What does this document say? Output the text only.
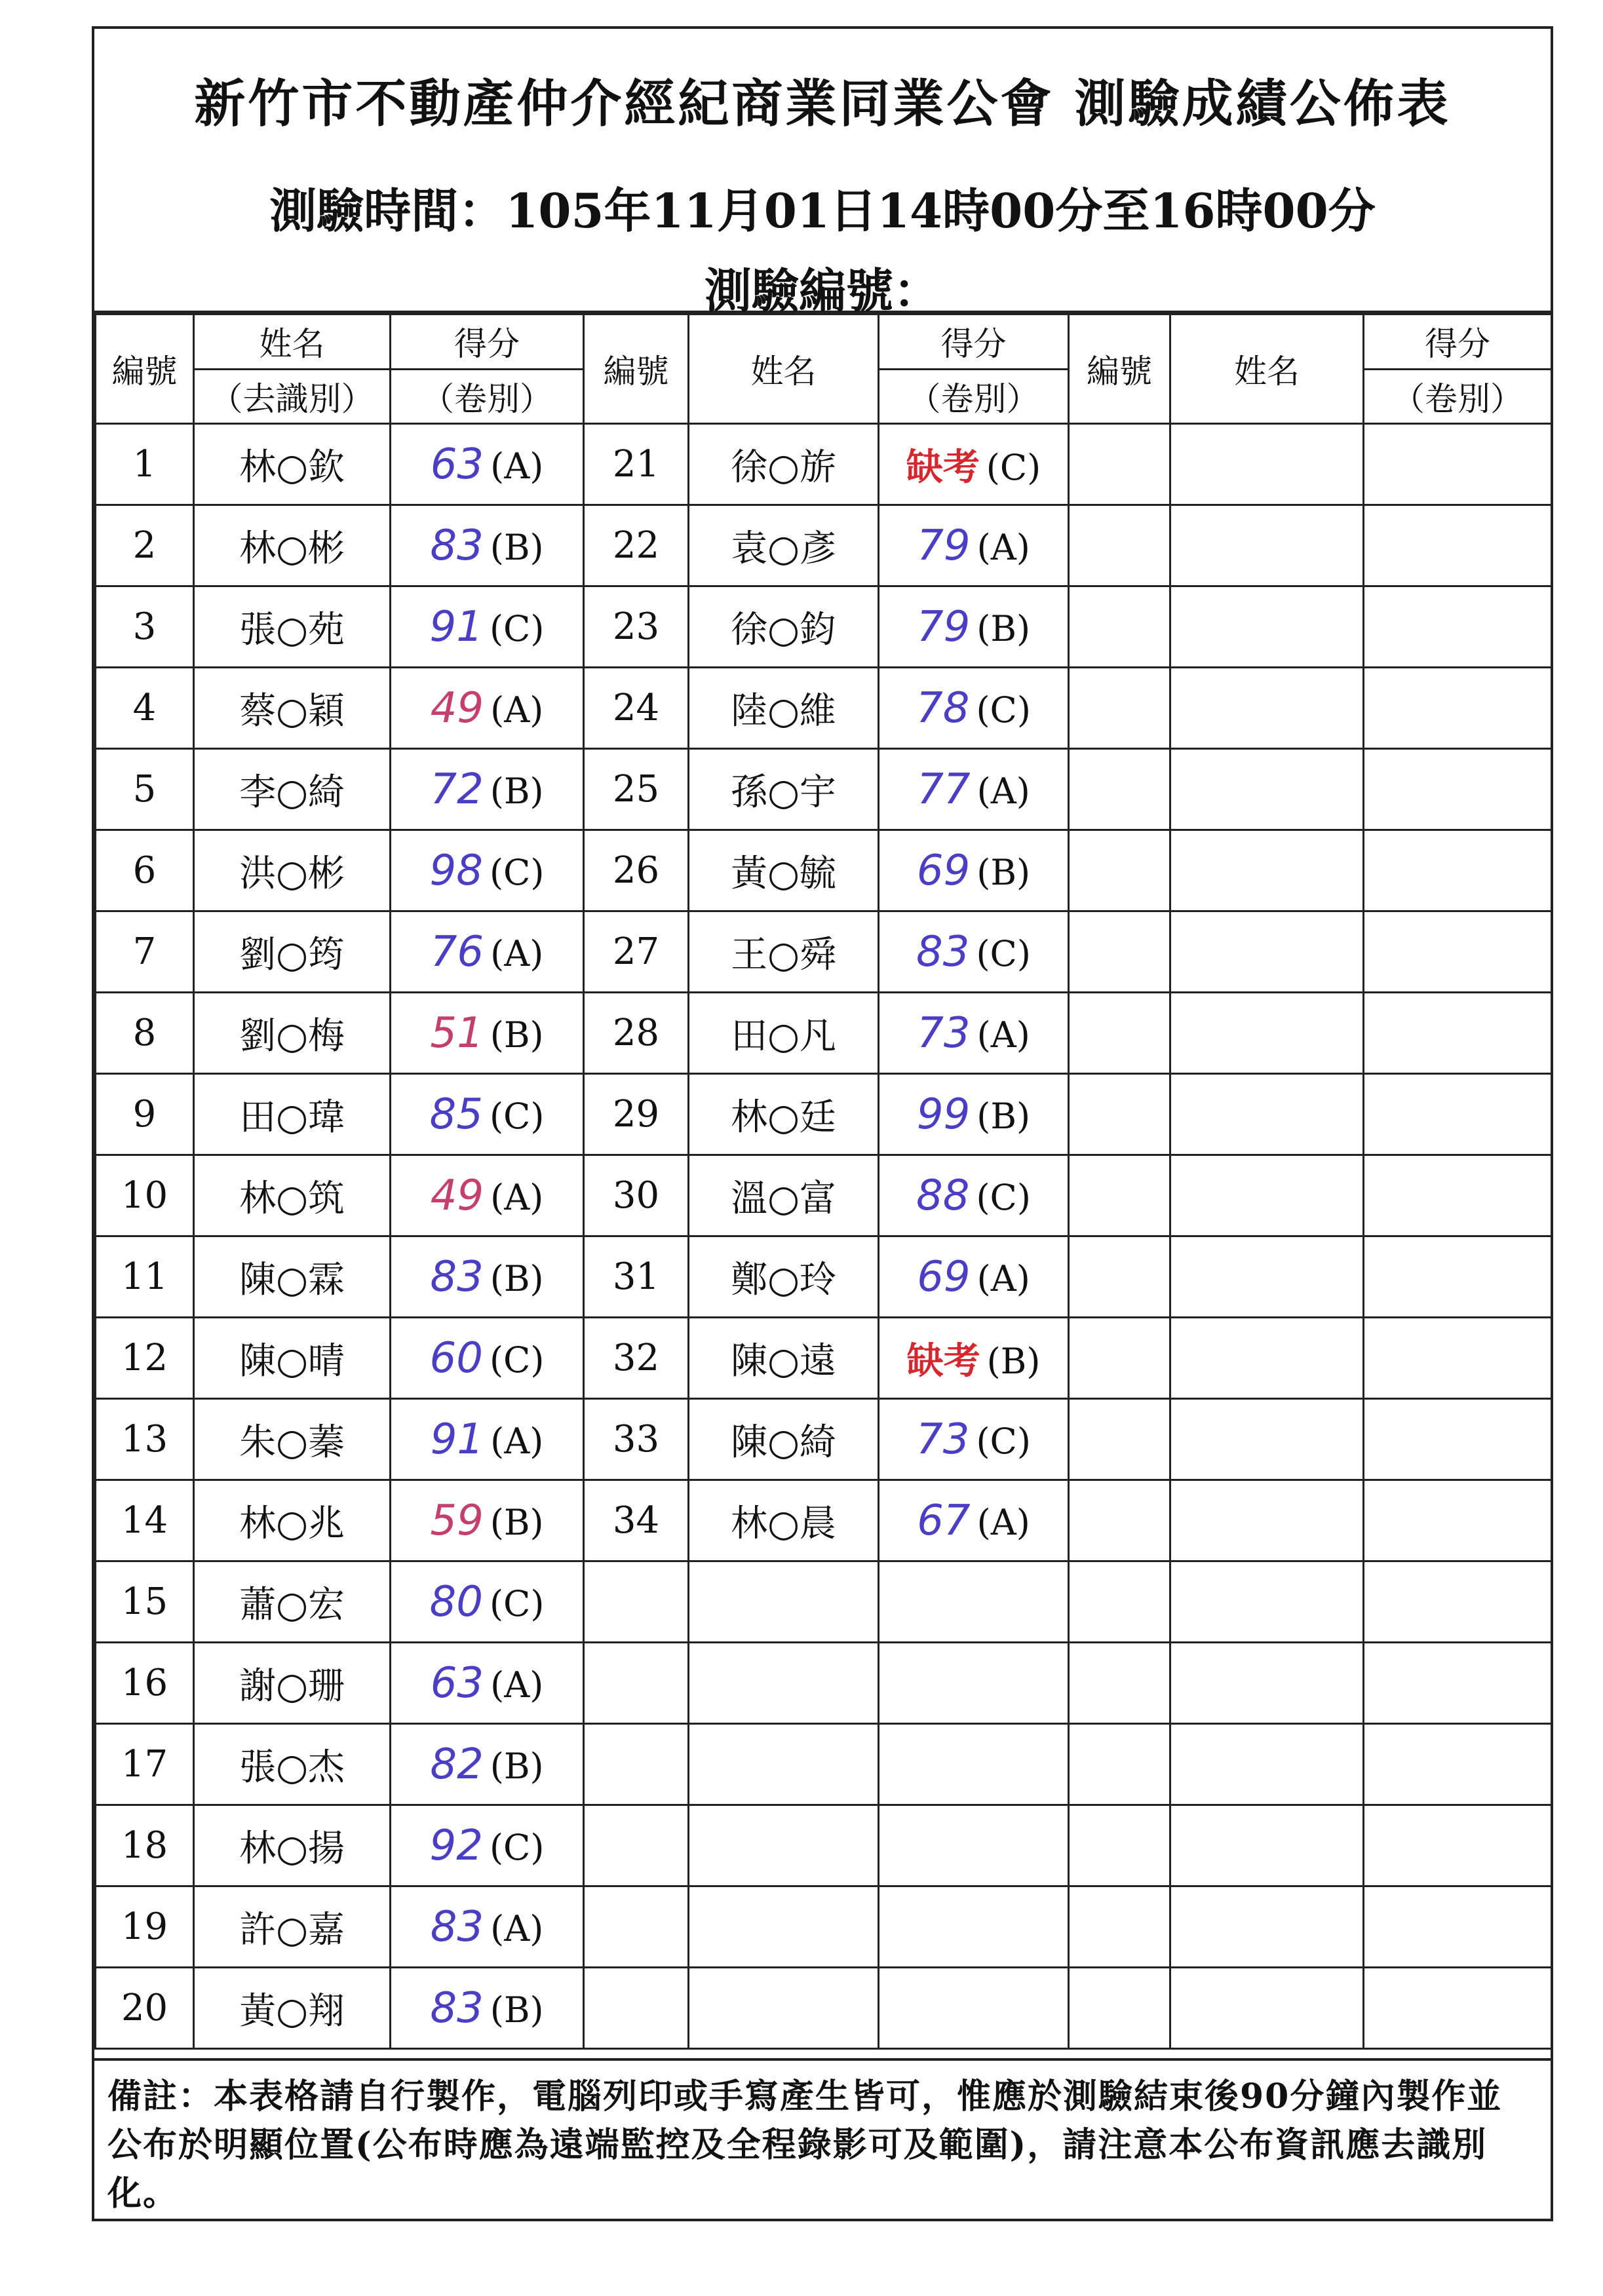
新竹市不動產仲介經紀商業同業公會 測驗成績公佈表
測驗時間：105年11月01日14時00分至16時00分
測驗編號：
編號	姓名	得分	編號	姓名	得分	編號	姓名	得分
	（去識別）	（卷別）			（卷別）			（卷別）
1	林○欽	63 (A)	21	徐○旂	缺考 (C)			
2	林○彬	83 (B)	22	袁○彥	79 (A)			
3	張○苑	91 (C)	23	徐○鈞	79 (B)			
4	蔡○穎	49 (A)	24	陸○維	78 (C)			
5	李○綺	72 (B)	25	孫○宇	77 (A)			
6	洪○彬	98 (C)	26	黃○毓	69 (B)			
7	劉○筠	76 (A)	27	王○舜	83 (C)			
8	劉○梅	51 (B)	28	田○凡	73 (A)			
9	田○瑋	85 (C)	29	林○廷	99 (B)			
10	林○筑	49 (A)	30	溫○富	88 (C)			
11	陳○霖	83 (B)	31	鄭○玲	69 (A)			
12	陳○晴	60 (C)	32	陳○遠	缺考 (B)			
13	朱○蓁	91 (A)	33	陳○綺	73 (C)			
14	林○兆	59 (B)	34	林○晨	67 (A)			
15	蕭○宏	80 (C)						
16	謝○珊	63 (A)						
17	張○杰	82 (B)						
18	林○揚	92 (C)						
19	許○嘉	83 (A)						
20	黃○翔	83 (B)						
備註：本表格請自行製作，電腦列印或手寫產生皆可，惟應於測驗結束後90分鐘內製作並公布於明顯位置(公布時應為遠端監控及全程錄影可及範圍)，請注意本公布資訊應去識別化。
